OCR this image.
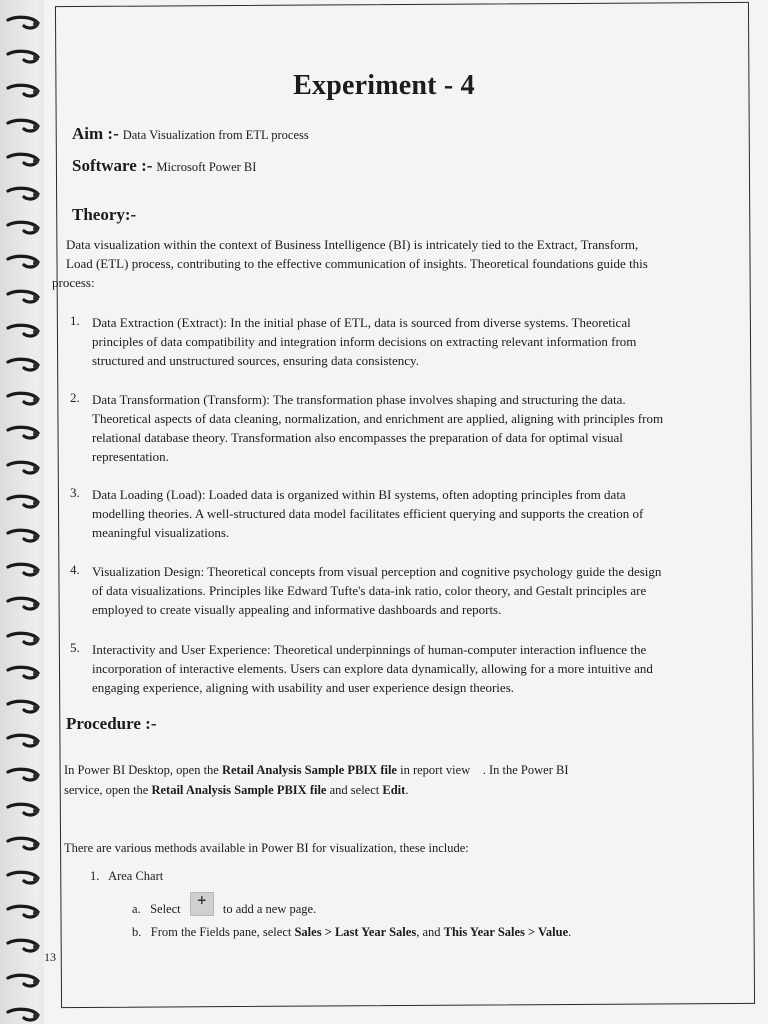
Experiment - 4
Aim :- Data Visualization from ETL process
Software :- Microsoft Power BI
Theory:-
Data visualization within the context of Business Intelligence (BI) is intricately tied to the Extract, Transform,
Load (ETL) process, contributing to the effective communication of insights. Theoretical foundations guide this
process:
1. Data Extraction (Extract): In the initial phase of ETL, data is sourced from diverse systems. Theoretical
principles of data compatibility and integration inform decisions on extracting relevant information from
structured and unstructured sources, ensuring data consistency.
2. Data Transformation (Transform): The transformation phase involves shaping and structuring the data.
Theoretical aspects of data cleaning, normalization, and enrichment are applied, aligning with principles from
relational database theory. Transformation also encompasses the preparation of data for optimal visual
representation.
3. Data Loading (Load): Loaded data is organized within BI systems, often adopting principles from data
modelling theories. A well-structured data model facilitates efficient querying and supports the creation of
meaningful visualizations.
4. Visualization Design: Theoretical concepts from visual perception and cognitive psychology guide the design
of data visualizations. Principles like Edward Tufte's data-ink ratio, color theory, and Gestalt principles are
employed to create visually appealing and informative dashboards and reports.
5. Interactivity and User Experience: Theoretical underpinnings of human-computer interaction influence the
incorporation of interactive elements. Users can explore data dynamically, allowing for a more intuitive and
engaging experience, aligning with usability and user experience design theories.
Procedure :-
In Power BI Desktop, open the Retail Analysis Sample PBIX file in report view . In the Power BI
service, open the Retail Analysis Sample PBIX file and select Edit.
There are various methods available in Power BI for visualization, these include:
1. Area Chart
a. Select + to add a new page.
b. From the Fields pane, select Sales > Last Year Sales, and This Year Sales > Value.
13
